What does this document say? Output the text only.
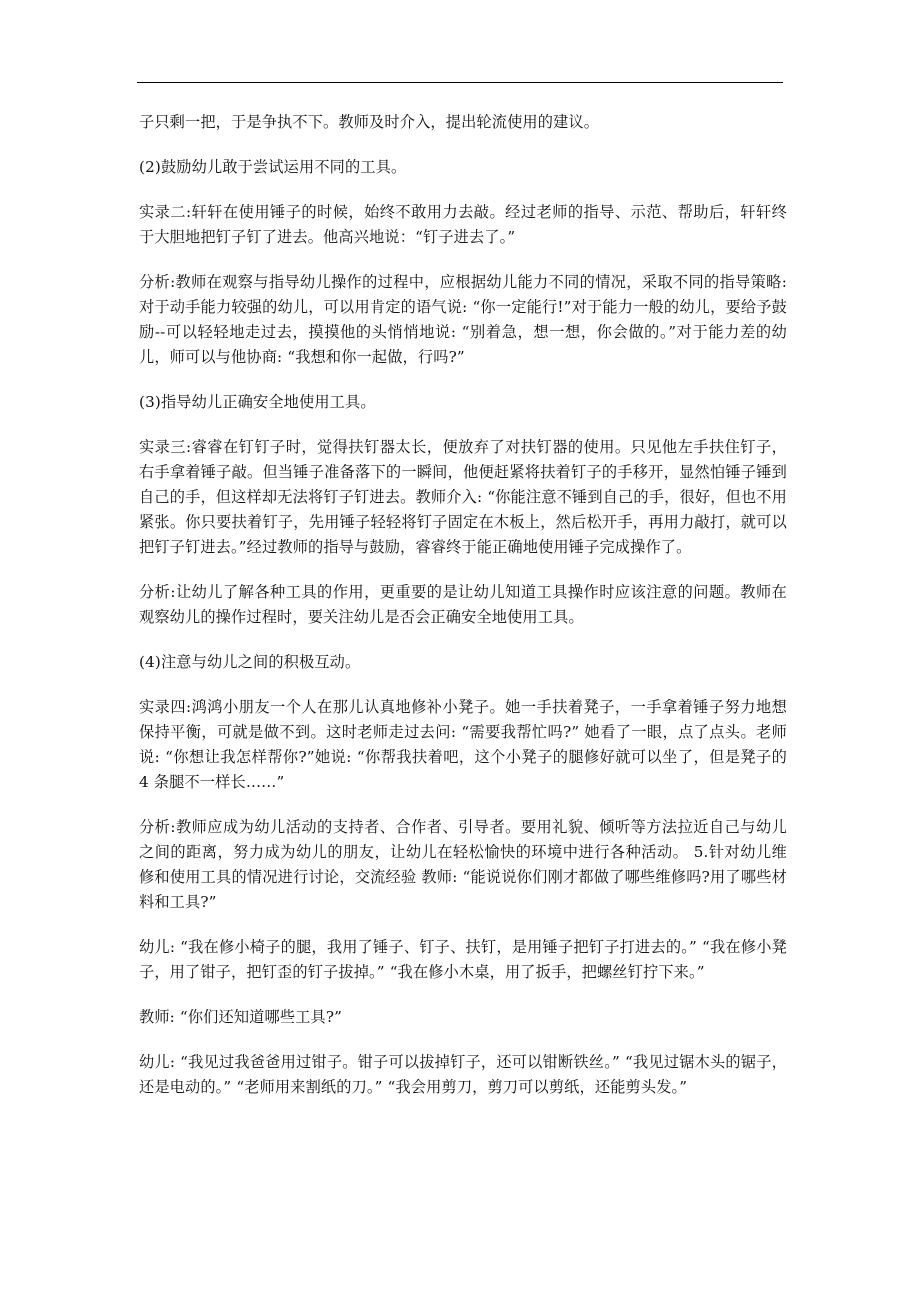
子只剩一把，于是争执不下。教师及时介入，提出轮流使用的建议。

(2)鼓励幼儿敢于尝试运用不同的工具。

实录二:轩轩在使用锤子的时候，始终不敢用力去敲。经过老师的指导、示范、帮助后，轩轩终于大胆地把钉子钉了进去。他高兴地说：“钉子进去了。”

分析:教师在观察与指导幼儿操作的过程中，应根据幼儿能力不同的情况，采取不同的指导策略:对于动手能力较强的幼儿，可以用肯定的语气说: “你一定能行!”对于能力一般的幼儿，要给予鼓励--可以轻轻地走过去，摸摸他的头悄悄地说: “别着急，想一想，你会做的。”对于能力差的幼儿，师可以与他协商: “我想和你一起做，行吗?”

(3)指导幼儿正确安全地使用工具。

实录三:睿睿在钉钉子时，觉得扶钉器太长，便放弃了对扶钉器的使用。只见他左手扶住钉子，右手拿着锤子敲。但当锤子准备落下的一瞬间，他便赶紧将扶着钉子的手移开，显然怕锤子锤到自己的手，但这样却无法将钉子钉进去。教师介入: “你能注意不锤到自己的手，很好，但也不用紧张。你只要扶着钉子，先用锤子轻轻将钉子固定在木板上，然后松开手，再用力敲打，就可以把钉子钉进去。”经过教师的指导与鼓励，睿睿终于能正确地使用锤子完成操作了。

分析:让幼儿了解各种工具的作用，更重要的是让幼儿知道工具操作时应该注意的问题。教师在观察幼儿的操作过程时，要关注幼儿是否会正确安全地使用工具。

(4)注意与幼儿之间的积极互动。

实录四:鸿鸿小朋友一个人在那儿认真地修补小凳子。她一手扶着凳子，一手拿着锤子努力地想保持平衡，可就是做不到。这时老师走过去问: “需要我帮忙吗?” 她看了一眼，点了点头。老师说: “你想让我怎样帮你?”她说: “你帮我扶着吧，这个小凳子的腿修好就可以坐了，但是凳子的 4 条腿不一样长……”

分析:教师应成为幼儿活动的支持者、合作者、引导者。要用礼貌、倾听等方法拉近自己与幼儿之间的距离，努力成为幼儿的朋友，让幼儿在轻松愉快的环境中进行各种活动。 5.针对幼儿维修和使用工具的情况进行讨论，交流经验 教师: “能说说你们刚才都做了哪些维修吗?用了哪些材料和工具?”

幼儿: “我在修小椅子的腿，我用了锤子、钉子、扶钉，是用锤子把钉子打进去的。” “我在修小凳子，用了钳子，把钉歪的钉子拔掉。” “我在修小木桌，用了扳手，把螺丝钉拧下来。”

教师: “你们还知道哪些工具?”

幼儿: “我见过我爸爸用过钳子。钳子可以拔掉钉子，还可以钳断铁丝。” “我见过锯木头的锯子，还是电动的。” “老师用来割纸的刀。” “我会用剪刀，剪刀可以剪纸，还能剪头发。”
